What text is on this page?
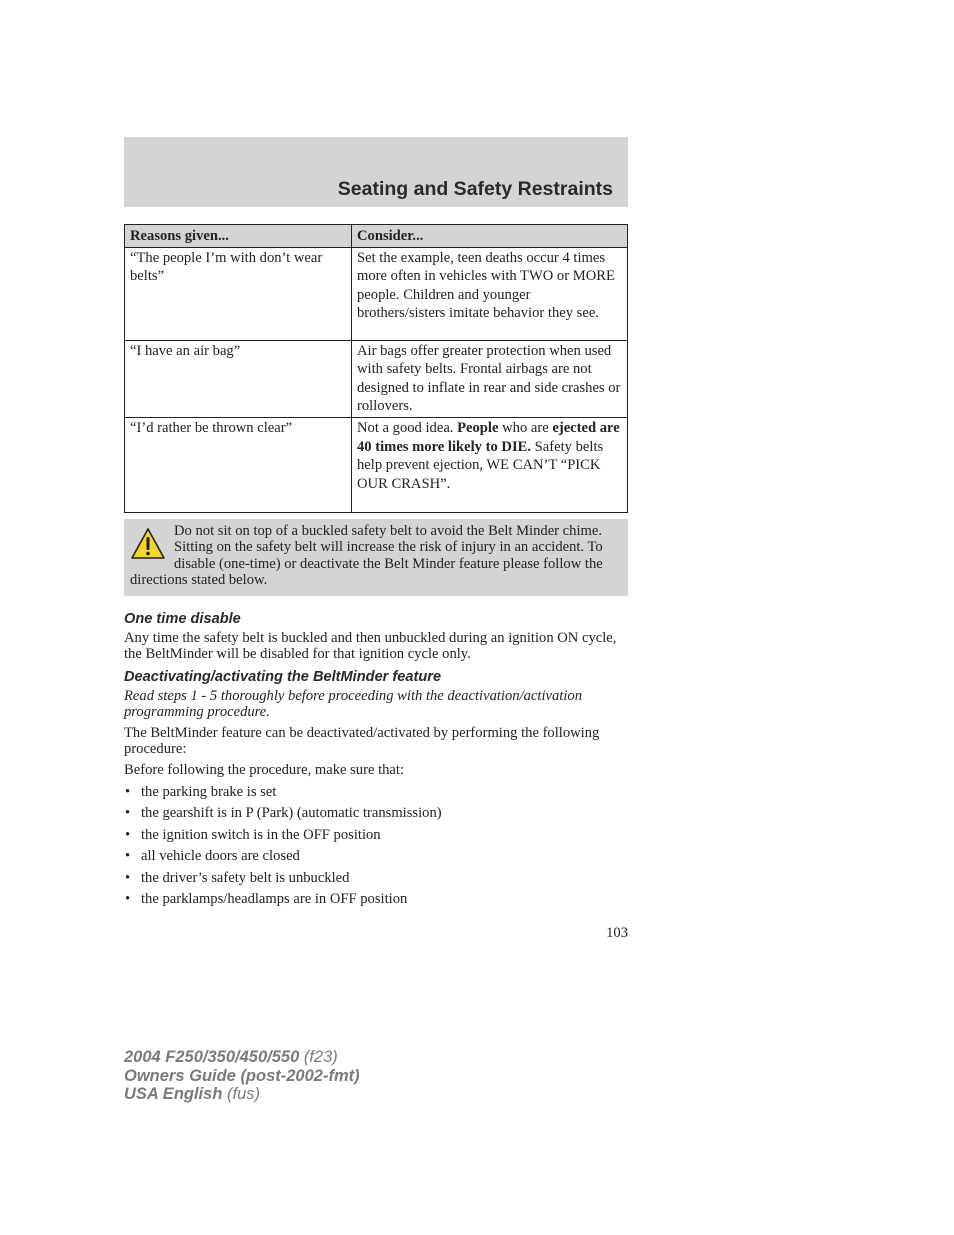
Seating and Safety Restraints
Reasons given...	Consider...
“The people I’m with don’t wear belts”	Set the example, teen deaths occur 4 times more often in vehicles with TWO or MORE people. Children and younger brothers/sisters imitate behavior they see.
“I have an air bag”	Air bags offer greater protection when used with safety belts. Frontal airbags are not designed to inflate in rear and side crashes or rollovers.
“I’d rather be thrown clear”	Not a good idea. People who are ejected are 40 times more likely to DIE. Safety belts help prevent ejection, WE CAN’T “PICK OUR CRASH”.
Do not sit on top of a buckled safety belt to avoid the Belt Minder chime. Sitting on the safety belt will increase the risk of injury in an accident. To disable (one-time) or deactivate the Belt Minder feature please follow the directions stated below.
One time disable

Any time the safety belt is buckled and then unbuckled during an ignition ON cycle, the BeltMinder will be disabled for that ignition cycle only.

Deactivating/activating the BeltMinder feature

Read steps 1 - 5 thoroughly before proceeding with the deactivation/activation programming procedure.

The BeltMinder feature can be deactivated/activated by performing the following procedure:

Before following the procedure, make sure that:

• the parking brake is set
• the gearshift is in P (Park) (automatic transmission)
• the ignition switch is in the OFF position
• all vehicle doors are closed
• the driver’s safety belt is unbuckled
• the parklamps/headlamps are in OFF position
103
2004 F250/350/450/550 (f23)
Owners Guide (post-2002-fmt)
USA English (fus)
